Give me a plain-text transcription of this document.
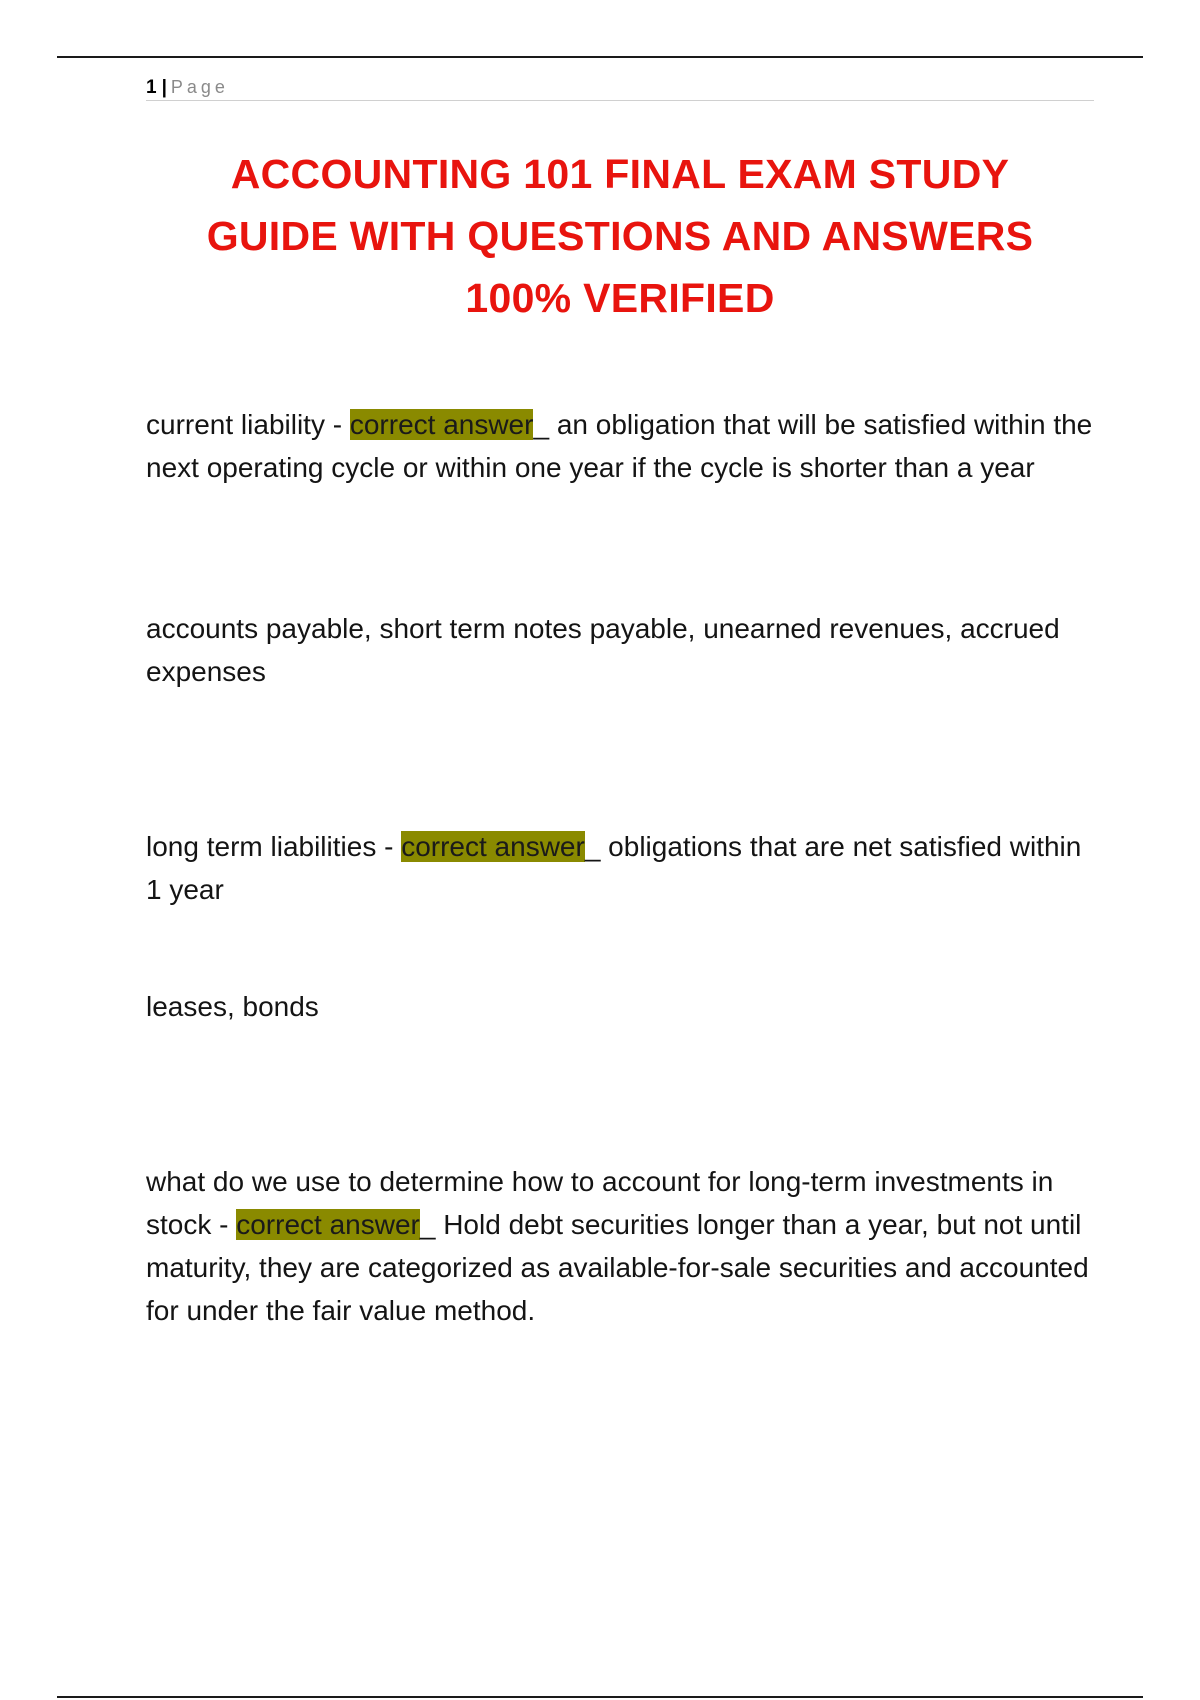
1 | Page
ACCOUNTING 101 FINAL EXAM STUDY
GUIDE WITH QUESTIONS AND ANSWERS
100% VERIFIED

current liability - correct answer_ an obligation that will be satisfied within the next operating cycle or within one year if the cycle is shorter than a year

accounts payable, short term notes payable, unearned revenues, accrued expenses

long term liabilities - correct answer_ obligations that are net satisfied within 1 year

leases, bonds

what do we use to determine how to account for long-term investments in stock - correct answer_ Hold debt securities longer than a year, but not until maturity, they are categorized as available-for-sale securities and accounted for under the fair value method.
